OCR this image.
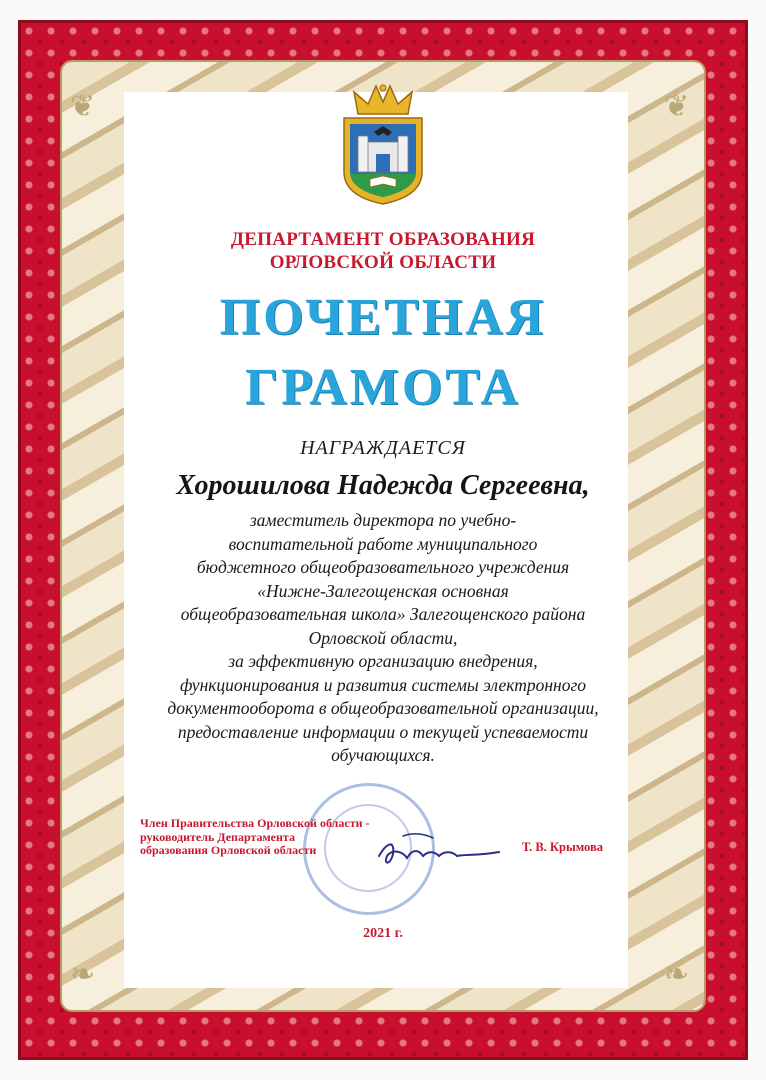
❦	❦
❧	❧
ДЕПАРТАМЕНТ ОБРАЗОВАНИЯ
ОРЛОВСКОЙ ОБЛАСТИ
ПОЧЕТНАЯ
ГРАМОТА
НАГРАЖДАЕТСЯ
Хорошилова Надежда Сергеевна,
заместитель директора по учебно-
воспитательной работе муниципального
бюджетного общеобразовательного учреждения
«Нижне-Залегощенская основная
общеобразовательная школа» Залегощенского района
Орловской области,
за эффективную организацию внедрения,
функционирования и развития системы электронного
документооборота в общеобразовательной организации,
предоставление информации о текущей успеваемости
обучающихся.
Член Правительства Орловской области -
руководитель Департамента
образования Орловской области	Т. В. Крымова
2021 г.
